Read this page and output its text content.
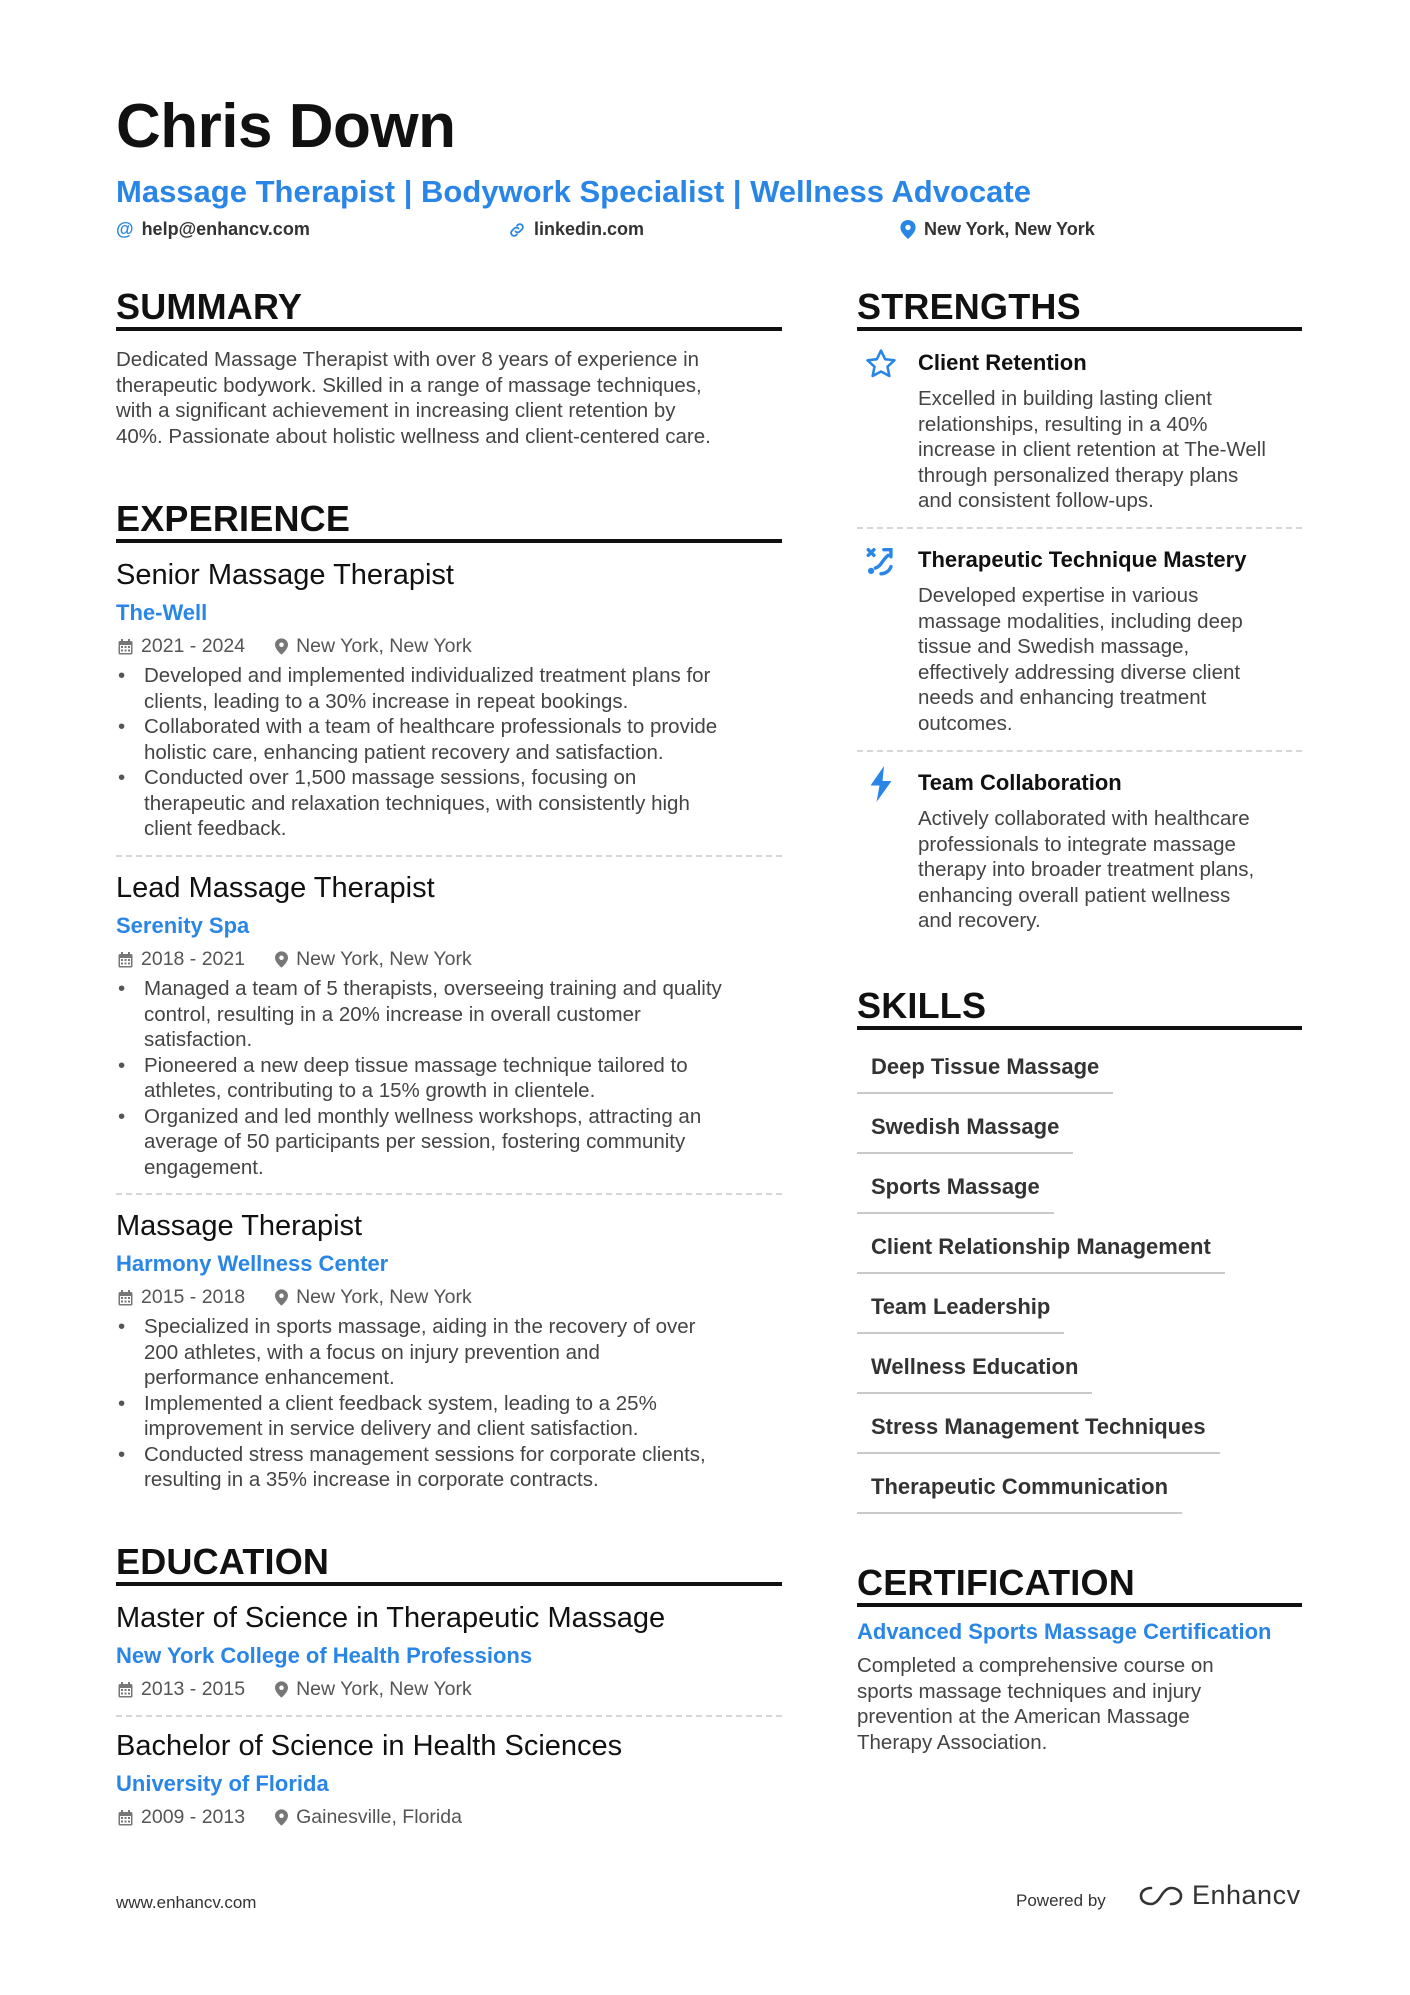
Chris Down
Massage Therapist | Bodywork Specialist | Wellness Advocate
@ help@enhancv.com	linkedin.com	New York, New York
SUMMARY
Dedicated Massage Therapist with over 8 years of experience in
therapeutic bodywork. Skilled in a range of massage techniques,
with a significant achievement in increasing client retention by
40%. Passionate about holistic wellness and client-centered care.
EXPERIENCE
Senior Massage Therapist
The-Well
2021 - 2024	New York, New York
• Developed and implemented individualized treatment plans for
clients, leading to a 30% increase in repeat bookings.
• Collaborated with a team of healthcare professionals to provide
holistic care, enhancing patient recovery and satisfaction.
• Conducted over 1,500 massage sessions, focusing on
therapeutic and relaxation techniques, with consistently high
client feedback.
Lead Massage Therapist
Serenity Spa
2018 - 2021	New York, New York
• Managed a team of 5 therapists, overseeing training and quality
control, resulting in a 20% increase in overall customer
satisfaction.
• Pioneered a new deep tissue massage technique tailored to
athletes, contributing to a 15% growth in clientele.
• Organized and led monthly wellness workshops, attracting an
average of 50 participants per session, fostering community
engagement.
Massage Therapist
Harmony Wellness Center
2015 - 2018	New York, New York
• Specialized in sports massage, aiding in the recovery of over
200 athletes, with a focus on injury prevention and
performance enhancement.
• Implemented a client feedback system, leading to a 25%
improvement in service delivery and client satisfaction.
• Conducted stress management sessions for corporate clients,
resulting in a 35% increase in corporate contracts.
EDUCATION
Master of Science in Therapeutic Massage
New York College of Health Professions
2013 - 2015	New York, New York
Bachelor of Science in Health Sciences
University of Florida
2009 - 2013	Gainesville, Florida
STRENGTHS
Client Retention
Excelled in building lasting client
relationships, resulting in a 40%
increase in client retention at The-Well
through personalized therapy plans
and consistent follow-ups.
Therapeutic Technique Mastery
Developed expertise in various
massage modalities, including deep
tissue and Swedish massage,
effectively addressing diverse client
needs and enhancing treatment
outcomes.
Team Collaboration
Actively collaborated with healthcare
professionals to integrate massage
therapy into broader treatment plans,
enhancing overall patient wellness
and recovery.
SKILLS
Deep Tissue Massage
Swedish Massage
Sports Massage
Client Relationship Management
Team Leadership
Wellness Education
Stress Management Techniques
Therapeutic Communication
CERTIFICATION
Advanced Sports Massage Certification
Completed a comprehensive course on
sports massage techniques and injury
prevention at the American Massage
Therapy Association.
www.enhancv.com	Powered by	Enhancv
